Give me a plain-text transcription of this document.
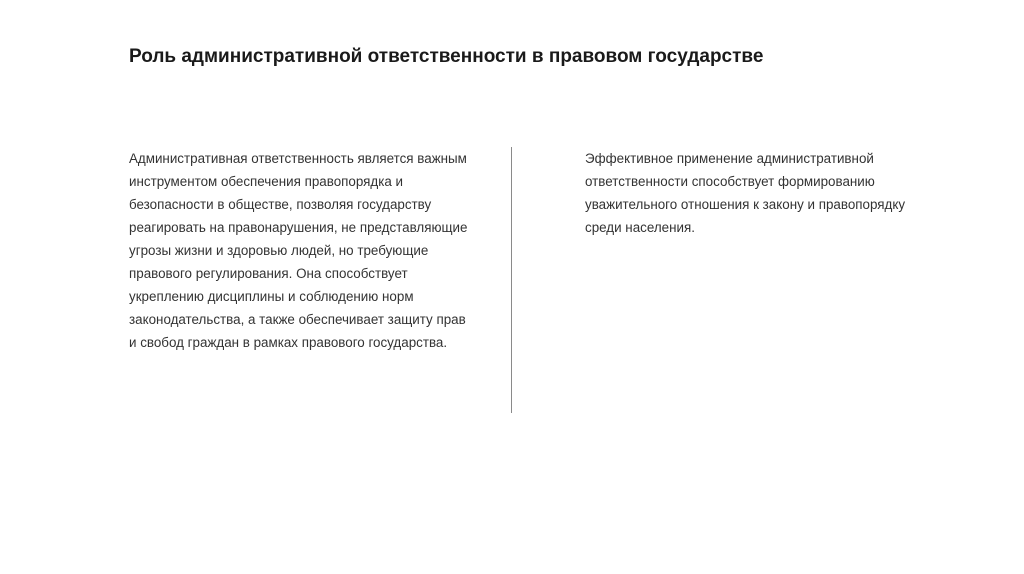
Роль административной ответственности в правовом государстве

Административная ответственность является важным инструментом обеспечения правопорядка и безопасности в обществе, позволяя государству реагировать на правонарушения, не представляющие угрозы жизни и здоровью людей, но требующие правового регулирования. Она способствует укреплению дисциплины и соблюдению норм законодательства, а также обеспечивает защиту прав и свобод граждан в рамках правового государства.

Эффективное применение административной ответственности способствует формированию уважительного отношения к закону и правопорядку среди населения.
